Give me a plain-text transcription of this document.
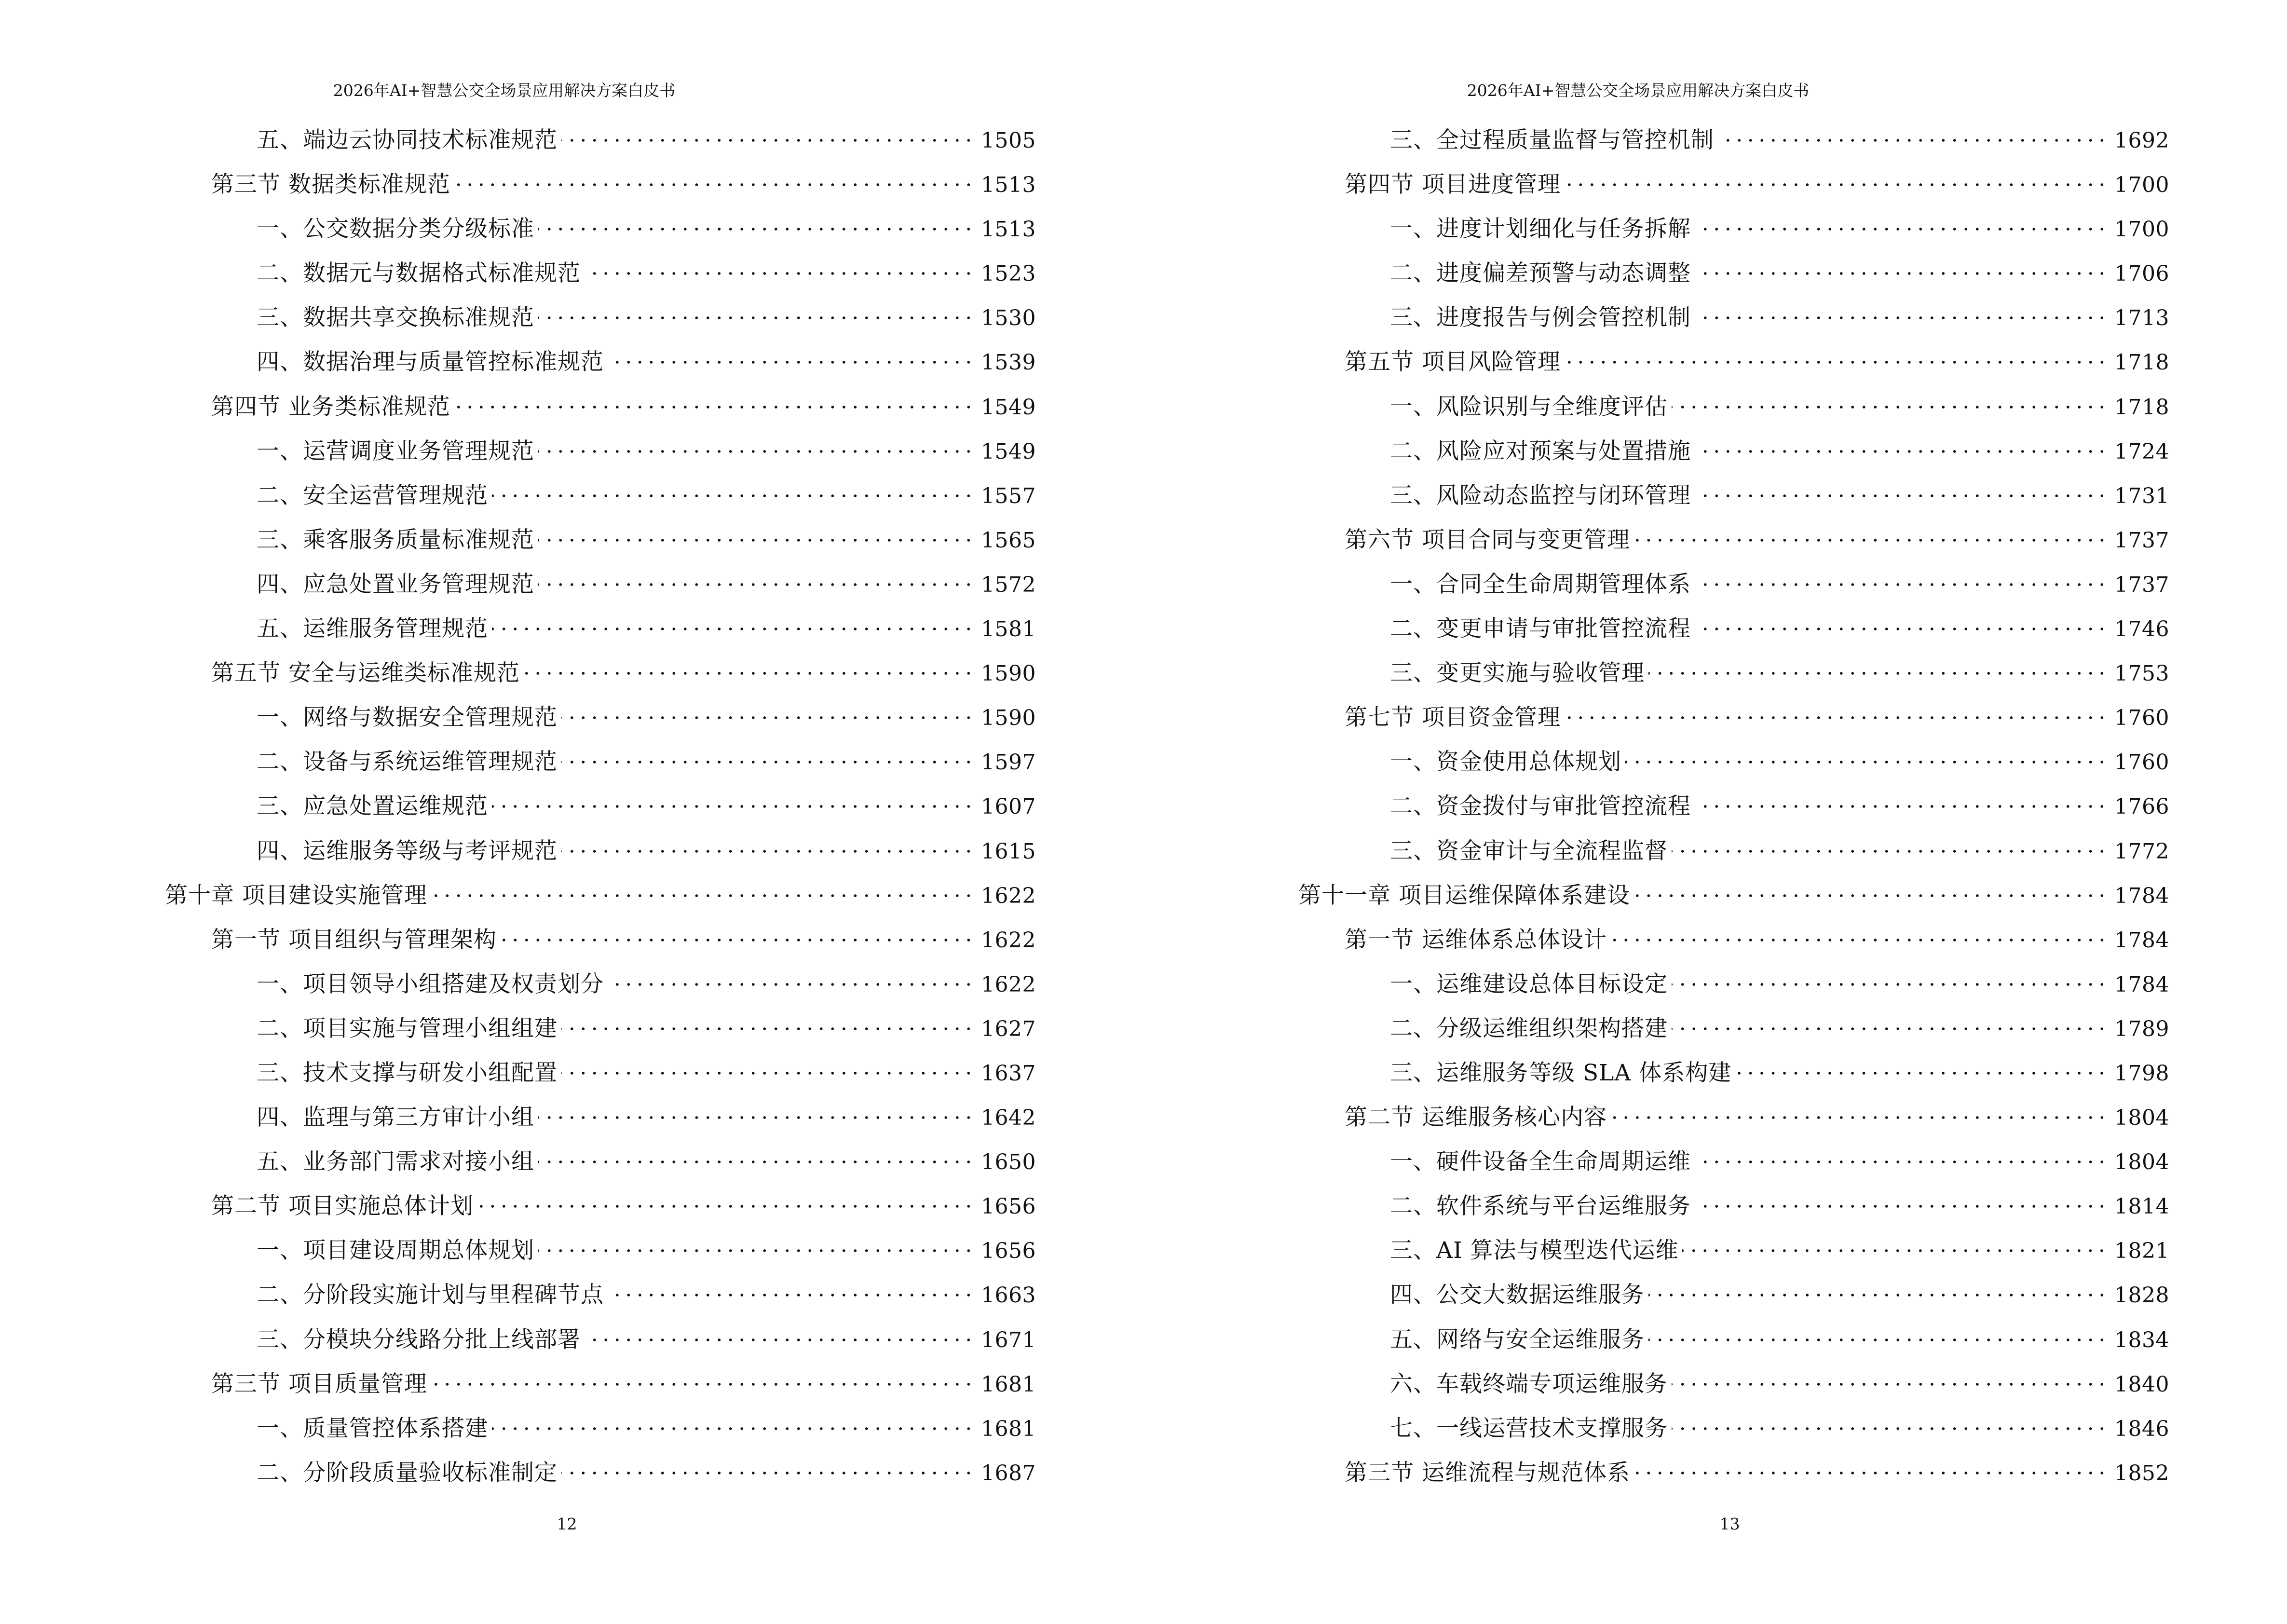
2026年AI+智慧公交全场景应用解决方案白皮书
五、端边云协同技术标准规范	1505
第三节 数据类标准规范	1513
一、公交数据分类分级标准	1513
二、数据元与数据格式标准规范	1523
三、数据共享交换标准规范	1530
四、数据治理与质量管控标准规范	1539
第四节 业务类标准规范	1549
一、运营调度业务管理规范	1549
二、安全运营管理规范	1557
三、乘客服务质量标准规范	1565
四、应急处置业务管理规范	1572
五、运维服务管理规范	1581
第五节 安全与运维类标准规范	1590
一、网络与数据安全管理规范	1590
二、设备与系统运维管理规范	1597
三、应急处置运维规范	1607
四、运维服务等级与考评规范	1615
第十章 项目建设实施管理	1622
第一节 项目组织与管理架构	1622
一、项目领导小组搭建及权责划分	1622
二、项目实施与管理小组组建	1627
三、技术支撑与研发小组配置	1637
四、监理与第三方审计小组	1642
五、业务部门需求对接小组	1650
第二节 项目实施总体计划	1656
一、项目建设周期总体规划	1656
二、分阶段实施计划与里程碑节点	1663
三、分模块分线路分批上线部署	1671
第三节 项目质量管理	1681
一、质量管控体系搭建	1681
二、分阶段质量验收标准制定	1687
12
2026年AI+智慧公交全场景应用解决方案白皮书
三、全过程质量监督与管控机制	1692
第四节 项目进度管理	1700
一、进度计划细化与任务拆解	1700
二、进度偏差预警与动态调整	1706
三、进度报告与例会管控机制	1713
第五节 项目风险管理	1718
一、风险识别与全维度评估	1718
二、风险应对预案与处置措施	1724
三、风险动态监控与闭环管理	1731
第六节 项目合同与变更管理	1737
一、合同全生命周期管理体系	1737
二、变更申请与审批管控流程	1746
三、变更实施与验收管理	1753
第七节 项目资金管理	1760
一、资金使用总体规划	1760
二、资金拨付与审批管控流程	1766
三、资金审计与全流程监督	1772
第十一章 项目运维保障体系建设	1784
第一节 运维体系总体设计	1784
一、运维建设总体目标设定	1784
二、分级运维组织架构搭建	1789
三、运维服务等级 SLA 体系构建	1798
第二节 运维服务核心内容	1804
一、硬件设备全生命周期运维	1804
二、软件系统与平台运维服务	1814
三、AI 算法与模型迭代运维	1821
四、公交大数据运维服务	1828
五、网络与安全运维服务	1834
六、车载终端专项运维服务	1840
七、一线运营技术支撑服务	1846
第三节 运维流程与规范体系	1852
13
